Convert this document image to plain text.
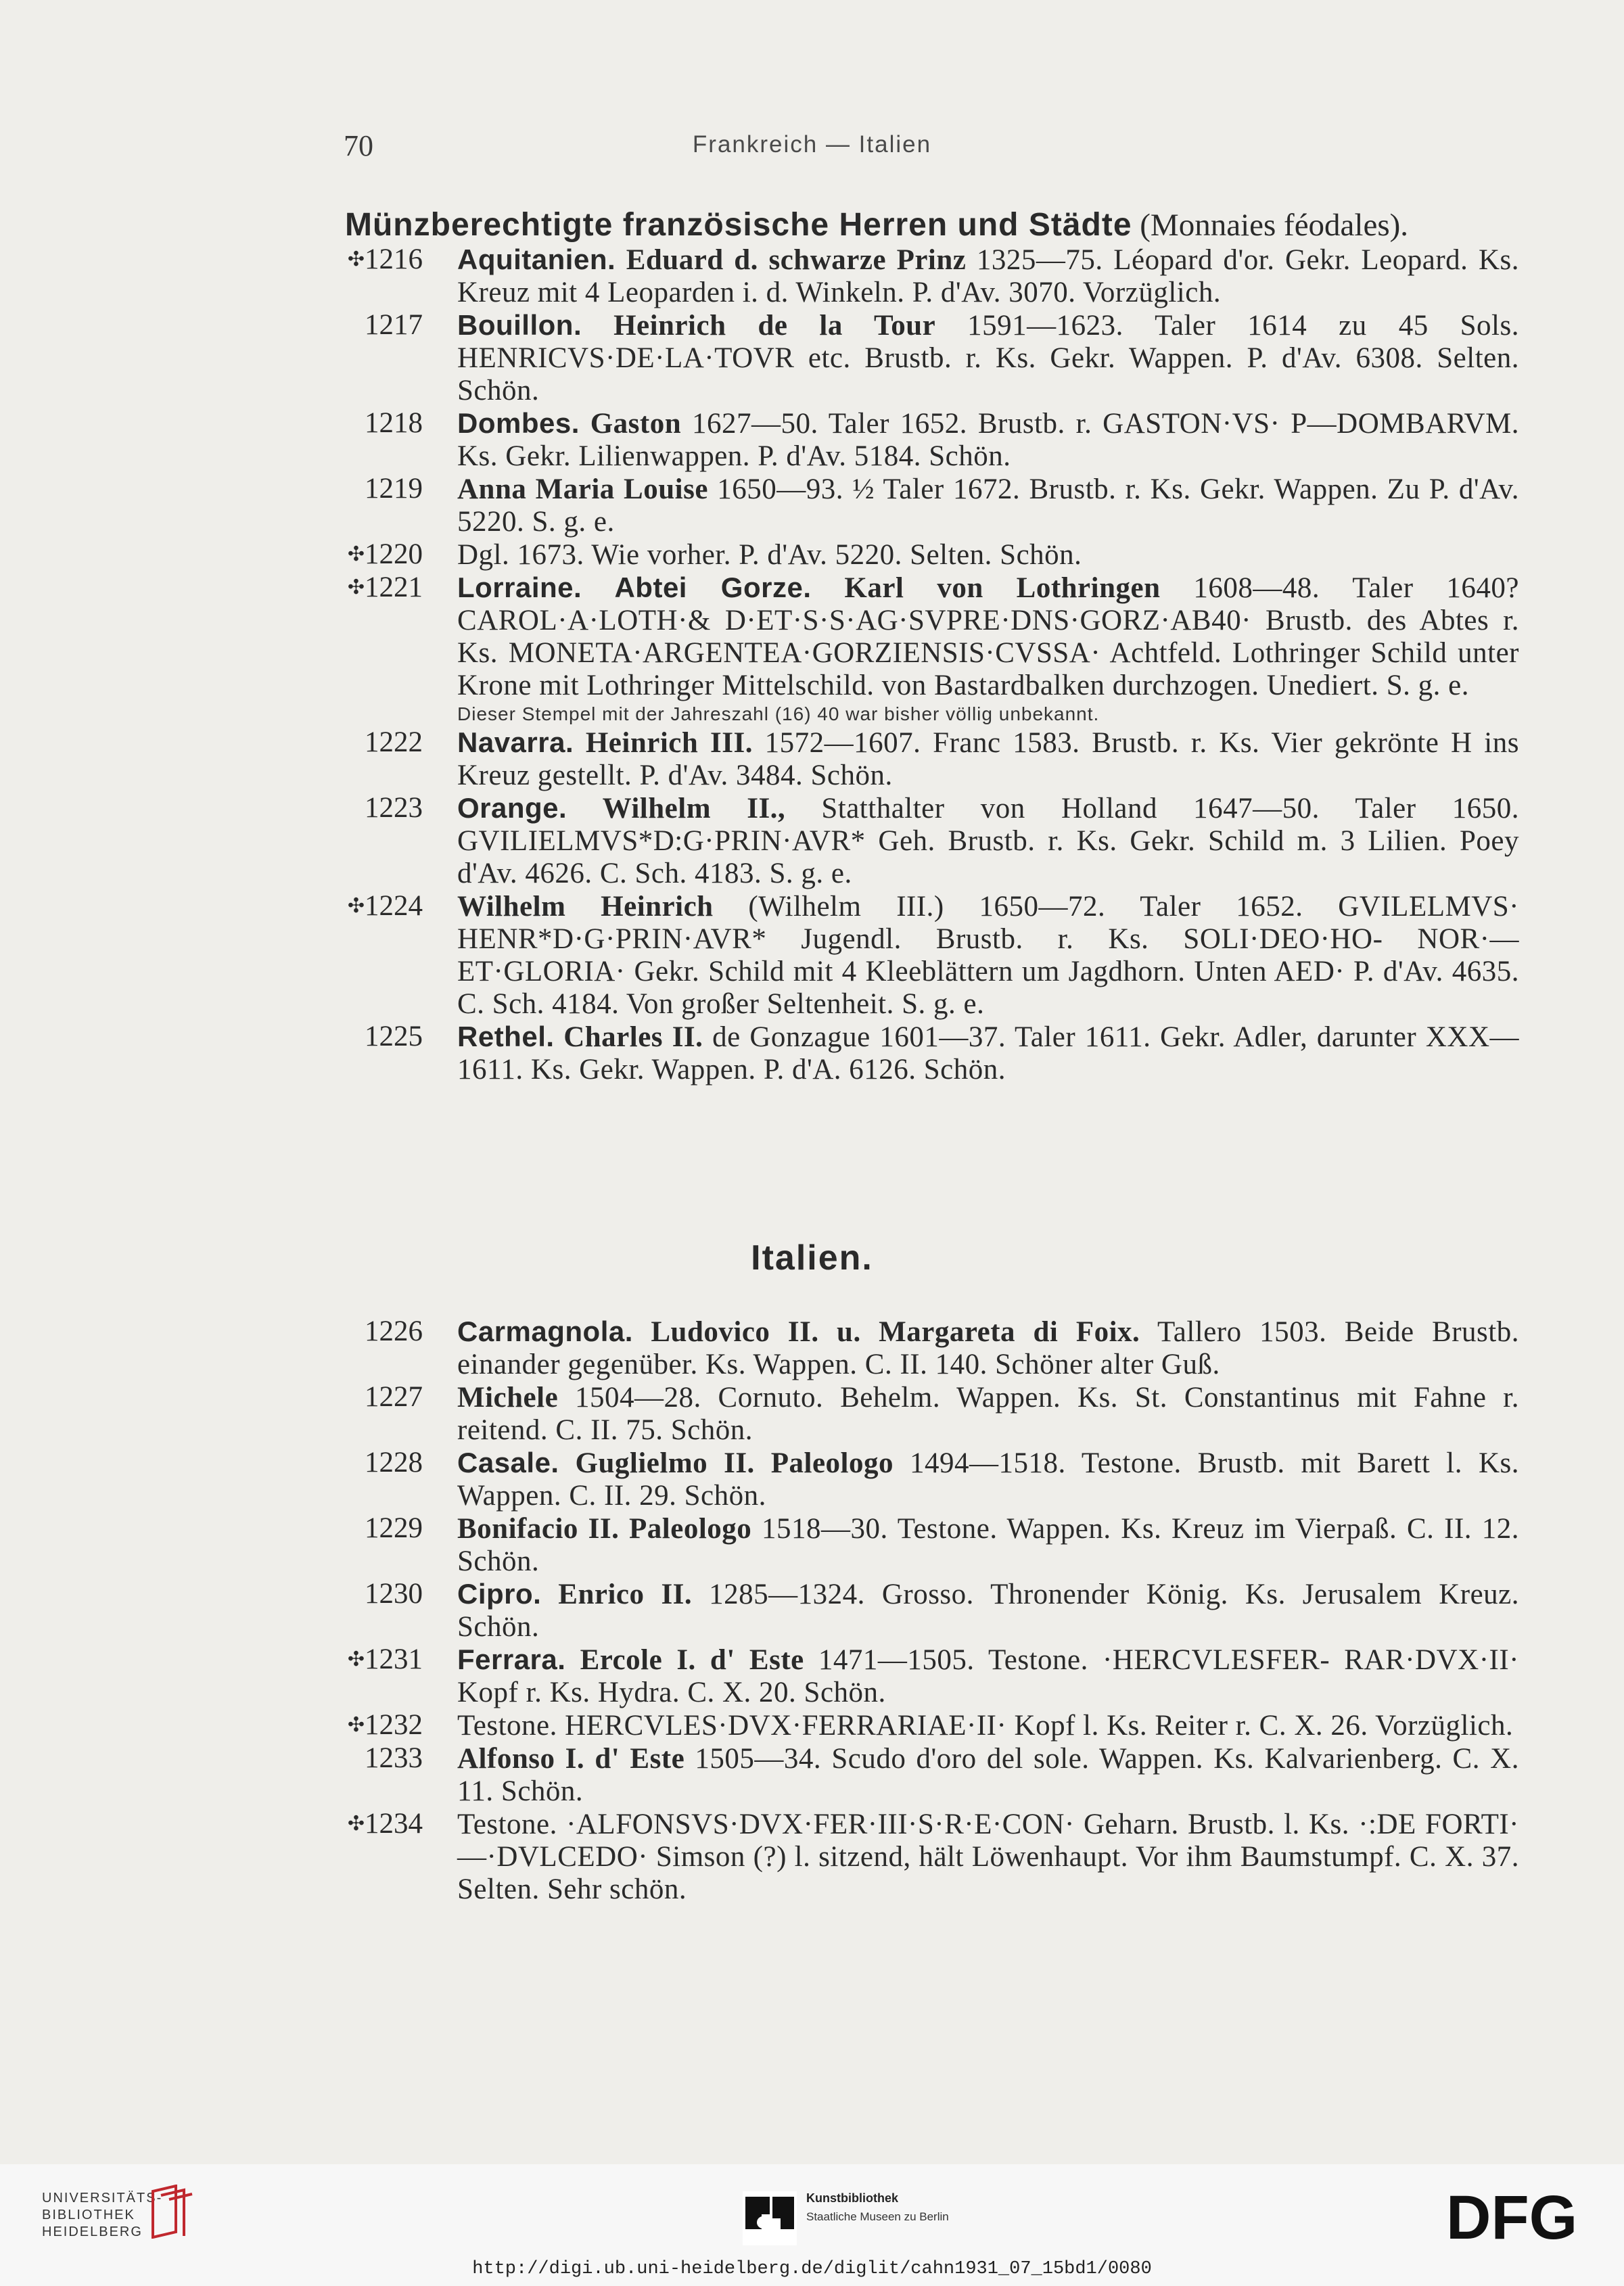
70	Frankreich — Italien
Münzberechtigte französische Herren und Städte (Monnaies féodales).
✣1216 Aquitanien. Eduard d. schwarze Prinz 1325—75. Léopard d'or. Gekr. Leopard. Ks. Kreuz mit 4 Leoparden i. d. Winkeln. P. d'Av. 3070. Vorzüglich.
1217 Bouillon. Heinrich de la Tour 1591—1623. Taler 1614 zu 45 Sols. HENRICVS·DE·LA·TOVR etc. Brustb. r. Ks. Gekr. Wappen. P. d'Av. 6308. Selten. Schön.
1218 Dombes. Gaston 1627—50. Taler 1652. Brustb. r. GASTON·VS· P—DOMBARVM. Ks. Gekr. Lilienwappen. P. d'Av. 5184. Schön.
1219 Anna Maria Louise 1650—93. ½ Taler 1672. Brustb. r. Ks. Gekr. Wappen. Zu P. d'Av. 5220. S. g. e.
✣1220 Dgl. 1673. Wie vorher. P. d'Av. 5220. Selten. Schön.
✣1221 Lorraine. Abtei Gorze. Karl von Lothringen 1608—48. Taler 1640? CAROL·A·LOTH·& D·ET·S·S·AG·SVPRE·DNS·GORZ·AB40· Brustb. des Abtes r. Ks. MONETA·ARGENTEA·GORZIENSIS·CVSSA· Achtfeld. Lothringer Schild unter Krone mit Lothringer Mittelschild. von Bastardbalken durchzogen. Unediert. S. g. e.
Dieser Stempel mit der Jahreszahl (16) 40 war bisher völlig unbekannt.
1222 Navarra. Heinrich III. 1572—1607. Franc 1583. Brustb. r. Ks. Vier gekrönte H ins Kreuz gestellt. P. d'Av. 3484. Schön.
1223 Orange. Wilhelm II., Statthalter von Holland 1647—50. Taler 1650. GVILIELMVS*D:G·PRIN·AVR* Geh. Brustb. r. Ks. Gekr. Schild m. 3 Lilien. Poey d'Av. 4626. C. Sch. 4183. S. g. e.
✣1224 Wilhelm Heinrich (Wilhelm III.) 1650—72. Taler 1652. GVILELMVS· HENR*D·G·PRIN·AVR* Jugendl. Brustb. r. Ks. SOLI·DEO·HO- NOR·—ET·GLORIA· Gekr. Schild mit 4 Kleeblättern um Jagdhorn. Unten AED· P. d'Av. 4635. C. Sch. 4184. Von großer Seltenheit. S. g. e.
1225 Rethel. Charles II. de Gonzague 1601—37. Taler 1611. Gekr. Adler, darunter XXX—1611. Ks. Gekr. Wappen. P. d'A. 6126. Schön.
Italien.
1226 Carmagnola. Ludovico II. u. Margareta di Foix. Tallero 1503. Beide Brustb. einander gegenüber. Ks. Wappen. C. II. 140. Schöner alter Guß.
1227 Michele 1504—28. Cornuto. Behelm. Wappen. Ks. St. Constantinus mit Fahne r. reitend. C. II. 75. Schön.
1228 Casale. Guglielmo II. Paleologo 1494—1518. Testone. Brustb. mit Barett l. Ks. Wappen. C. II. 29. Schön.
1229 Bonifacio II. Paleologo 1518—30. Testone. Wappen. Ks. Kreuz im Vierpaß. C. II. 12. Schön.
1230 Cipro. Enrico II. 1285—1324. Grosso. Thronender König. Ks. Jerusalem Kreuz. Schön.
✣1231 Ferrara. Ercole I. d' Este 1471—1505. Testone. ·HERCVLESFER- RAR·DVX·II· Kopf r. Ks. Hydra. C. X. 20. Schön.
✣1232 Testone. HERCVLES·DVX·FERRARIAE·II· Kopf l. Ks. Reiter r. C. X. 26. Vorzüglich.
1233 Alfonso I. d' Este 1505—34. Scudo d'oro del sole. Wappen. Ks. Kalvarienberg. C. X. 11. Schön.
✣1234 Testone. ·ALFONSVS·DVX·FER·III·S·R·E·CON· Geharn. Brustb. l. Ks. ·:DE FORTI·—·DVLCEDO· Simson (?) l. sitzend, hält Löwenhaupt. Vor ihm Baumstumpf. C. X. 37. Selten. Sehr schön.
UNIVERSITÄTS-
BIBLIOTHEK
HEIDELBERG
Kunstbibliothek
Staatliche Museen zu Berlin	DFG
http://digi.ub.uni-heidelberg.de/diglit/cahn1931_07_15bd1/0080
